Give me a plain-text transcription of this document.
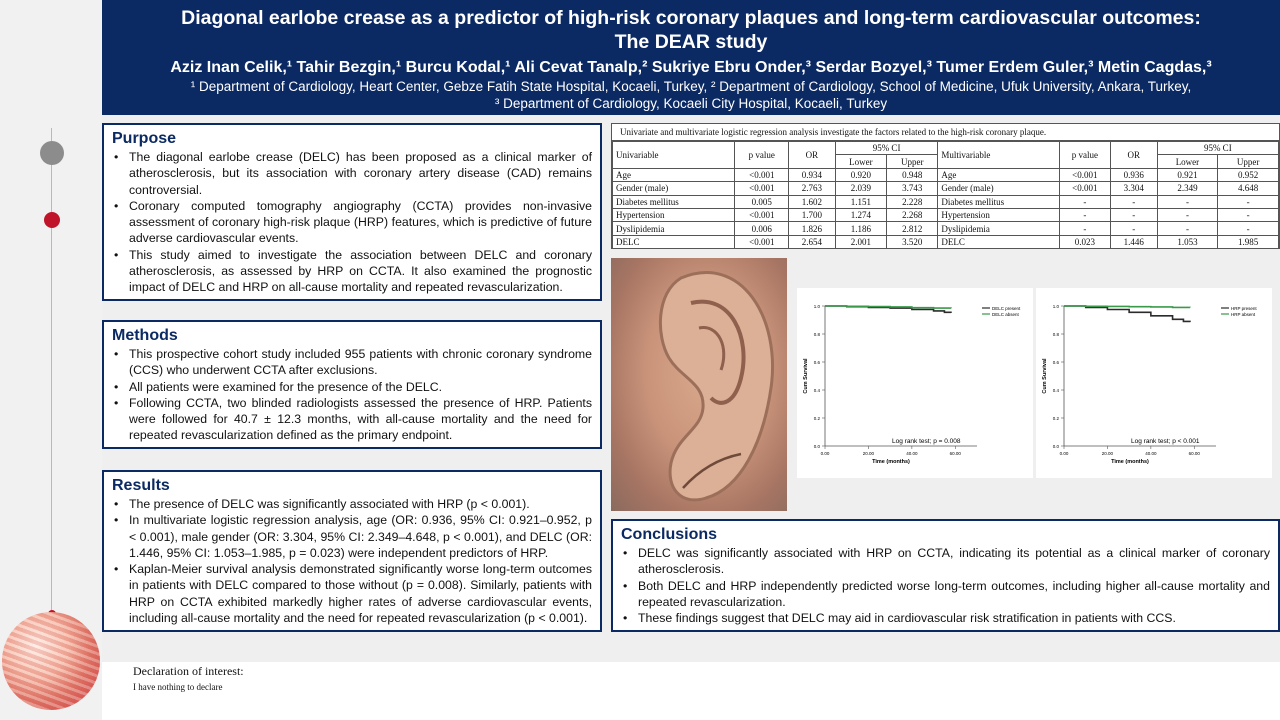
Diagonal earlobe crease as a predictor of high-risk coronary plaques and long-term cardiovascular outcomes:
The DEAR study
Aziz Inan Celik,¹ Tahir Bezgin,¹ Burcu Kodal,¹ Ali Cevat Tanalp,² Sukriye Ebru Onder,³ Serdar Bozyel,³ Tumer Erdem Guler,³ Metin Cagdas,³
¹ Department of Cardiology, Heart Center, Gebze Fatih State Hospital, Kocaeli, Turkey, ² Department of Cardiology, School of Medicine, Ufuk University, Ankara, Turkey,
³ Department of Cardiology, Kocaeli City Hospital, Kocaeli, Turkey
Purpose
• The diagonal earlobe crease (DELC) has been proposed as a clinical marker of atherosclerosis, but its association with coronary artery disease (CAD) remains controversial.
• Coronary computed tomography angiography (CCTA) provides non-invasive assessment of coronary high-risk plaque (HRP) features, which is predictive of future adverse cardiovascular events.
• This study aimed to investigate the association between DELC and coronary atherosclerosis, as assessed by HRP on CCTA. It also examined the prognostic impact of DELC and HRP on all-cause mortality and repeated revascularization.
Methods
• This prospective cohort study included 955 patients with chronic coronary syndrome (CCS) who underwent CCTA after exclusions.
• All patients were examined for the presence of the DELC.
• Following CCTA, two blinded radiologists assessed the presence of HRP. Patients were followed for 40.7 ± 12.3 months, with all-cause mortality and the need for repeated revascularization defined as the primary endpoint.
Results
• The presence of DELC was significantly associated with HRP (p < 0.001).
• In multivariate logistic regression analysis, age (OR: 0.936, 95% CI: 0.921–0.952, p < 0.001), male gender (OR: 3.304, 95% CI: 2.349–4.648, p < 0.001), and DELC (OR: 1.446, 95% CI: 1.053–1.985, p = 0.023) were independent predictors of HRP.
• Kaplan-Meier survival analysis demonstrated significantly worse long-term outcomes in patients with DELC compared to those without (p = 0.008). Similarly, patients with HRP on CCTA exhibited markedly higher rates of adverse cardiovascular events, including all-cause mortality and the need for repeated revascularization (p < 0.001).
Conclusions
• DELC was significantly associated with HRP on CCTA, indicating its potential as a clinical marker of coronary atherosclerosis.
• Both DELC and HRP independently predicted worse long-term outcomes, including higher all-cause mortality and repeated revascularization.
• These findings suggest that DELC may aid in cardiovascular risk stratification in patients with CCS.
Univariate and multivariate logistic regression analysis investigate the factors related to the high-risk coronary plaque.
Univariable	p value	OR	95% CI		Multivariable	p value	OR	95% CI	
			Lower	Upper				Lower	Upper
Age	<0.001	0.934	0.920	0.948	Age	<0.001	0.936	0.921	0.952
Gender (male)	<0.001	2.763	2.039	3.743	Gender (male)	<0.001	3.304	2.349	4.648
Diabetes mellitus	0.005	1.602	1.151	2.228	Diabetes mellitus	-	-	-	-
Hypertension	<0.001	1.700	1.274	2.268	Hypertension	-	-	-	-
Dyslipidemia	0.006	1.826	1.186	2.812	Dyslipidemia	-	-	-	-
DELC	<0.001	2.654	2.001	3.520	DELC	0.023	1.446	1.053	1.985
1.0
0.8
0.6
0.4
0.2
0.0
0.00	20.00	40.00	60.00
Cum Survival
Time (months)
DELC present
DELC absent
Log rank test; p = 0.008
1.0
0.8
0.6
0.4
0.2
0.0
0.00	20.00	40.00	60.00
Cum Survival
Time (months)
HRP present
HRP absent
Log rank test; p < 0.001
Declaration of interest:
I have nothing to declare
